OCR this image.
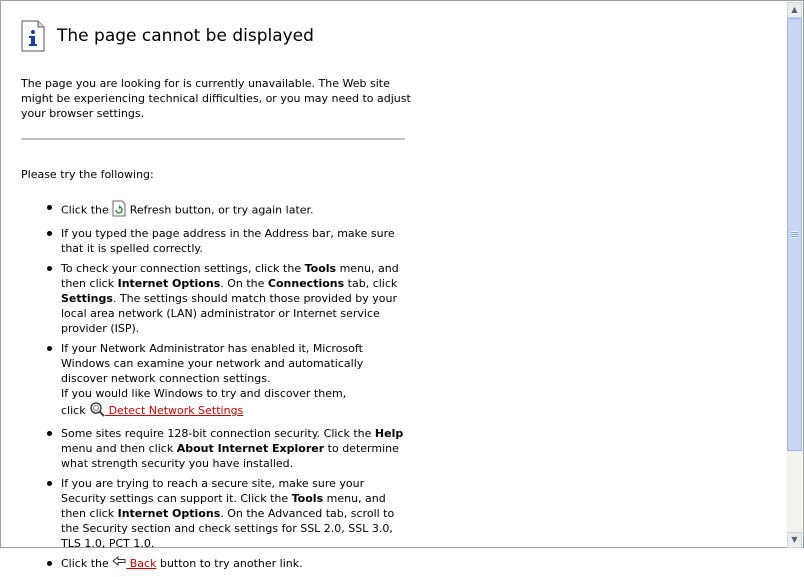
The page cannot be displayed

The page you are looking for is currently unavailable. The Web site might be experiencing technical difficulties, or you may need to adjust your browser settings.

Please try the following:

Click the  Refresh button, or try again later.
If you typed the page address in the Address bar, make sure that it is spelled correctly.
To check your connection settings, click the Tools menu, and then click Internet Options. On the Connections tab, click Settings. The settings should match those provided by your local area network (LAN) administrator or Internet service provider (ISP).
If your Network Administrator has enabled it, Microsoft Windows can examine your network and automatically discover network connection settings.
If you would like Windows to try and discover them,
click  Detect Network Settings
Some sites require 128-bit connection security. Click the Help menu and then click About Internet Explorer to determine what strength security you have installed.
If you are trying to reach a secure site, make sure your Security settings can support it. Click the Tools menu, and then click Internet Options. On the Advanced tab, scroll to the Security section and check settings for SSL 2.0, SSL 3.0, TLS 1.0, PCT 1.0.
Click the  Back button to try another link.
▲
▼
